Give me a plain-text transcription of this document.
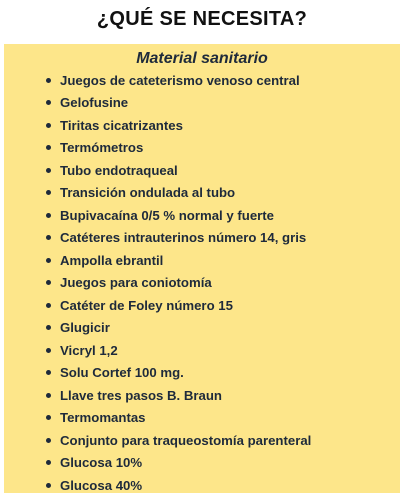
¿QUÉ SE NECESITA?
Material sanitario
Juegos de cateterismo venoso central
Gelofusine
Tiritas cicatrizantes
Termómetros
Tubo endotraqueal
Transición ondulada al tubo
Bupivacaína 0/5 % normal y fuerte
Catéteres intrauterinos número 14, gris
Ampolla ebrantil
Juegos para coniotomía
Catéter de Foley número 15
Glugicir
Vicryl 1,2
Solu Cortef 100 mg.
Llave tres pasos B. Braun
Termomantas
Conjunto para traqueostomía parenteral
Glucosa 10%
Glucosa 40%
